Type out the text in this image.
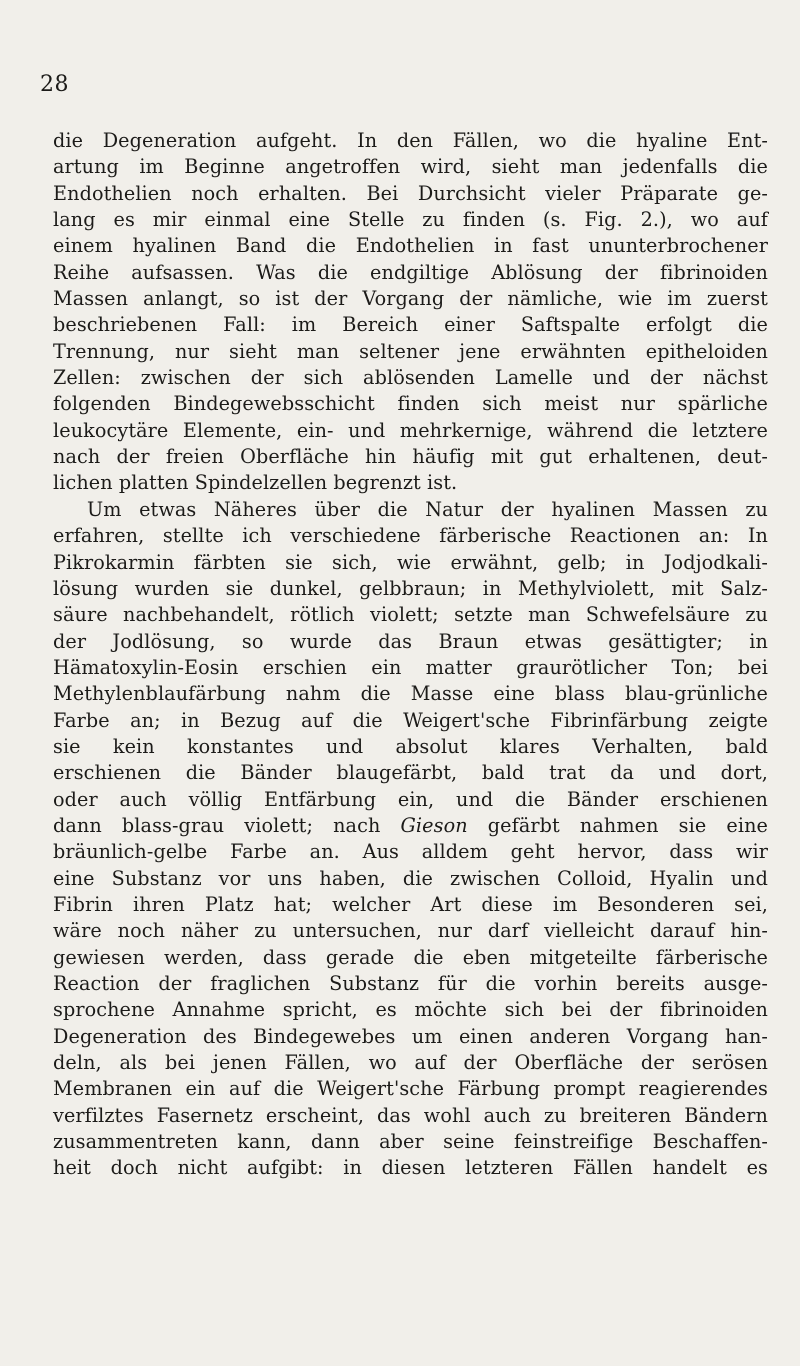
28
die Degeneration aufgeht. In den Fällen, wo die hyaline Ent-
artung im Beginne angetroffen wird, sieht man jedenfalls die
Endothelien noch erhalten. Bei Durchsicht vieler Präparate ge-
lang es mir einmal eine Stelle zu finden (s. Fig. 2.), wo auf
einem hyalinen Band die Endothelien in fast ununterbrochener
Reihe aufsassen. Was die endgiltige Ablösung der fibrinoiden
Massen anlangt, so ist der Vorgang der nämliche, wie im zuerst
beschriebenen Fall: im Bereich einer Saftspalte erfolgt die
Trennung, nur sieht man seltener jene erwähnten epitheloiden
Zellen: zwischen der sich ablösenden Lamelle und der nächst
folgenden Bindegewebsschicht finden sich meist nur spärliche
leukocytäre Elemente, ein- und mehrkernige, während die letztere
nach der freien Oberfläche hin häufig mit gut erhaltenen, deut-
lichen platten Spindelzellen begrenzt ist.
Um etwas Näheres über die Natur der hyalinen Massen zu
erfahren, stellte ich verschiedene färberische Reactionen an: In
Pikrokarmin färbten sie sich, wie erwähnt, gelb; in Jodjodkali-
lösung wurden sie dunkel, gelbbraun; in Methylviolett, mit Salz-
säure nachbehandelt, rötlich violett; setzte man Schwefelsäure zu
der Jodlösung, so wurde das Braun etwas gesättigter; in
Hämatoxylin-Eosin erschien ein matter graurötlicher Ton; bei
Methylenblaufärbung nahm die Masse eine blass blau-grünliche
Farbe an; in Bezug auf die Weigert'sche Fibrinfärbung zeigte
sie kein konstantes und absolut klares Verhalten, bald
erschienen die Bänder blaugefärbt, bald trat da und dort,
oder auch völlig Entfärbung ein, und die Bänder erschienen
dann blass-grau violett; nach Gieson gefärbt nahmen sie eine
bräunlich-gelbe Farbe an. Aus alldem geht hervor, dass wir
eine Substanz vor uns haben, die zwischen Colloid, Hyalin und
Fibrin ihren Platz hat; welcher Art diese im Besonderen sei,
wäre noch näher zu untersuchen, nur darf vielleicht darauf hin-
gewiesen werden, dass gerade die eben mitgeteilte färberische
Reaction der fraglichen Substanz für die vorhin bereits ausge-
sprochene Annahme spricht, es möchte sich bei der fibrinoiden
Degeneration des Bindegewebes um einen anderen Vorgang han-
deln, als bei jenen Fällen, wo auf der Oberfläche der serösen
Membranen ein auf die Weigert'sche Färbung prompt reagierendes
verfilztes Fasernetz erscheint, das wohl auch zu breiteren Bändern
zusammentreten kann, dann aber seine feinstreifige Beschaffen-
heit doch nicht aufgibt: in diesen letzteren Fällen handelt es
